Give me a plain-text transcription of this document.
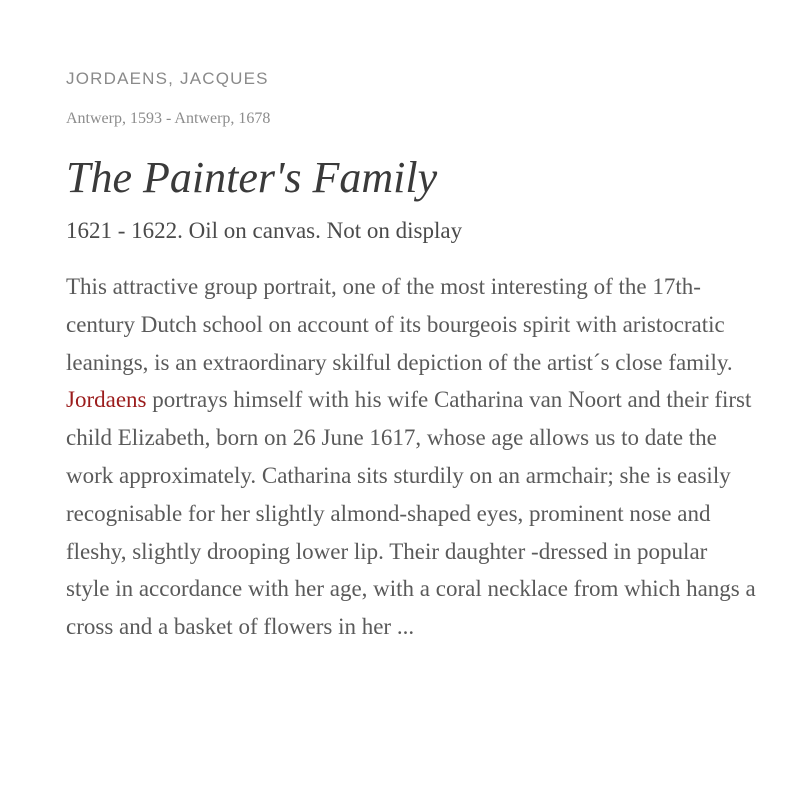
JORDAENS, JACQUES

Antwerp, 1593 - Antwerp, 1678

The Painter's Family

1621 - 1622. Oil on canvas. Not on display

This attractive group portrait, one of the most interesting of the 17th-century Dutch school on account of its bourgeois spirit with aristocratic leanings, is an extraordinary skilful depiction of the artist´s close family. Jordaens portrays himself with his wife Catharina van Noort and their first child Elizabeth, born on 26 June 1617, whose age allows us to date the work approximately. Catharina sits sturdily on an armchair; she is easily recognisable for her slightly almond-shaped eyes, prominent nose and fleshy, slightly drooping lower lip. Their daughter -dressed in popular style in accordance with her age, with a coral necklace from which hangs a cross and a basket of flowers in her ...
